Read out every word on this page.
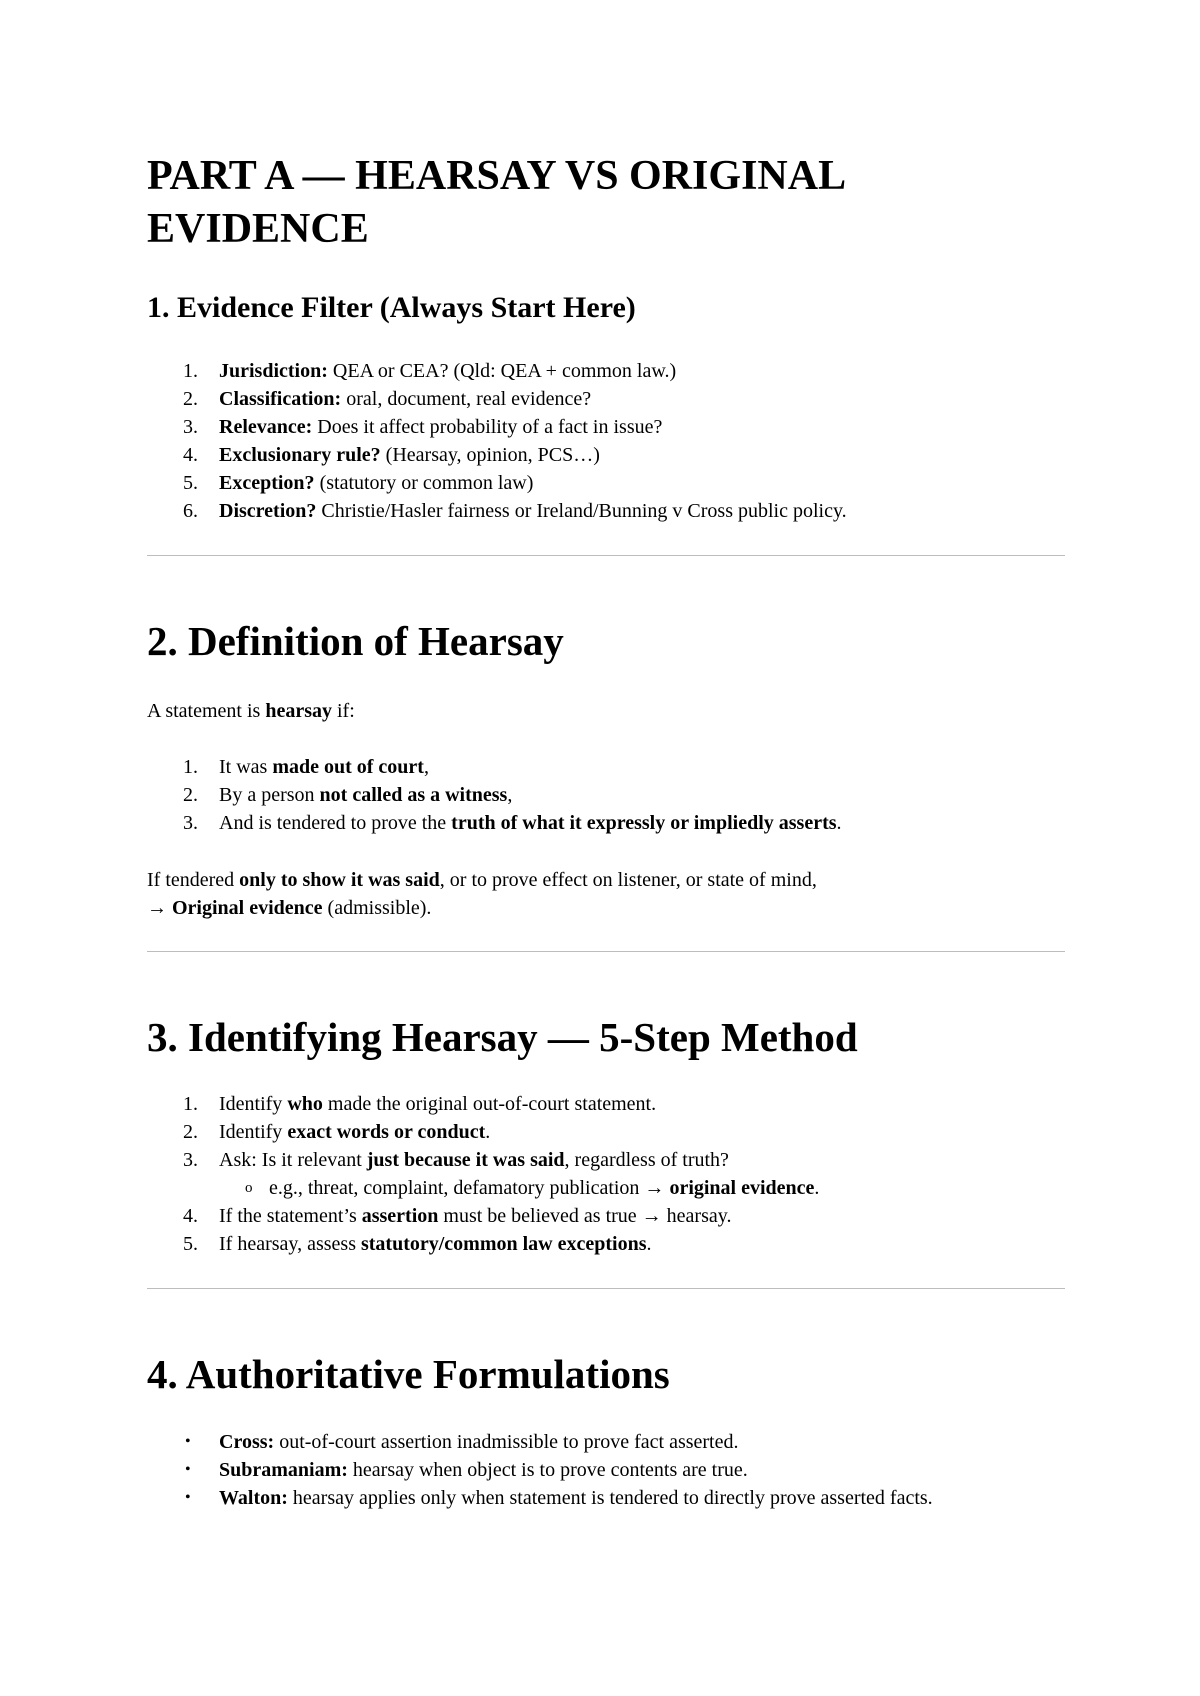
PART A — HEARSAY VS ORIGINAL EVIDENCE
1. Evidence Filter (Always Start Here)
1.	Jurisdiction: QEA or CEA? (Qld: QEA + common law.)
2.	Classification: oral, document, real evidence?
3.	Relevance: Does it affect probability of a fact in issue?
4.	Exclusionary rule? (Hearsay, opinion, PCS…)
5.	Exception? (statutory or common law)
6.	Discretion? Christie/Hasler fairness or Ireland/Bunning v Cross public policy.
2. Definition of Hearsay

A statement is hearsay if:

1.	It was made out of court,
2.	By a person not called as a witness,
3.	And is tendered to prove the truth of what it expressly or impliedly asserts.

If tendered only to show it was said, or to prove effect on listener, or state of mind,
→ Original evidence (admissible).

3. Identifying Hearsay — 5-Step Method
1.	Identify who made the original out-of-court statement.
2.	Identify exact words or conduct.
3.	Ask: Is it relevant just because it was said, regardless of truth?
o e.g., threat, complaint, defamatory publication → original evidence.
4.	If the statement’s assertion must be believed as true → hearsay.
5.	If hearsay, assess statutory/common law exceptions.
4. Authoritative Formulations
• Cross: out-of-court assertion inadmissible to prove fact asserted.
• Subramaniam: hearsay when object is to prove contents are true.
• Walton: hearsay applies only when statement is tendered to directly prove asserted facts.
